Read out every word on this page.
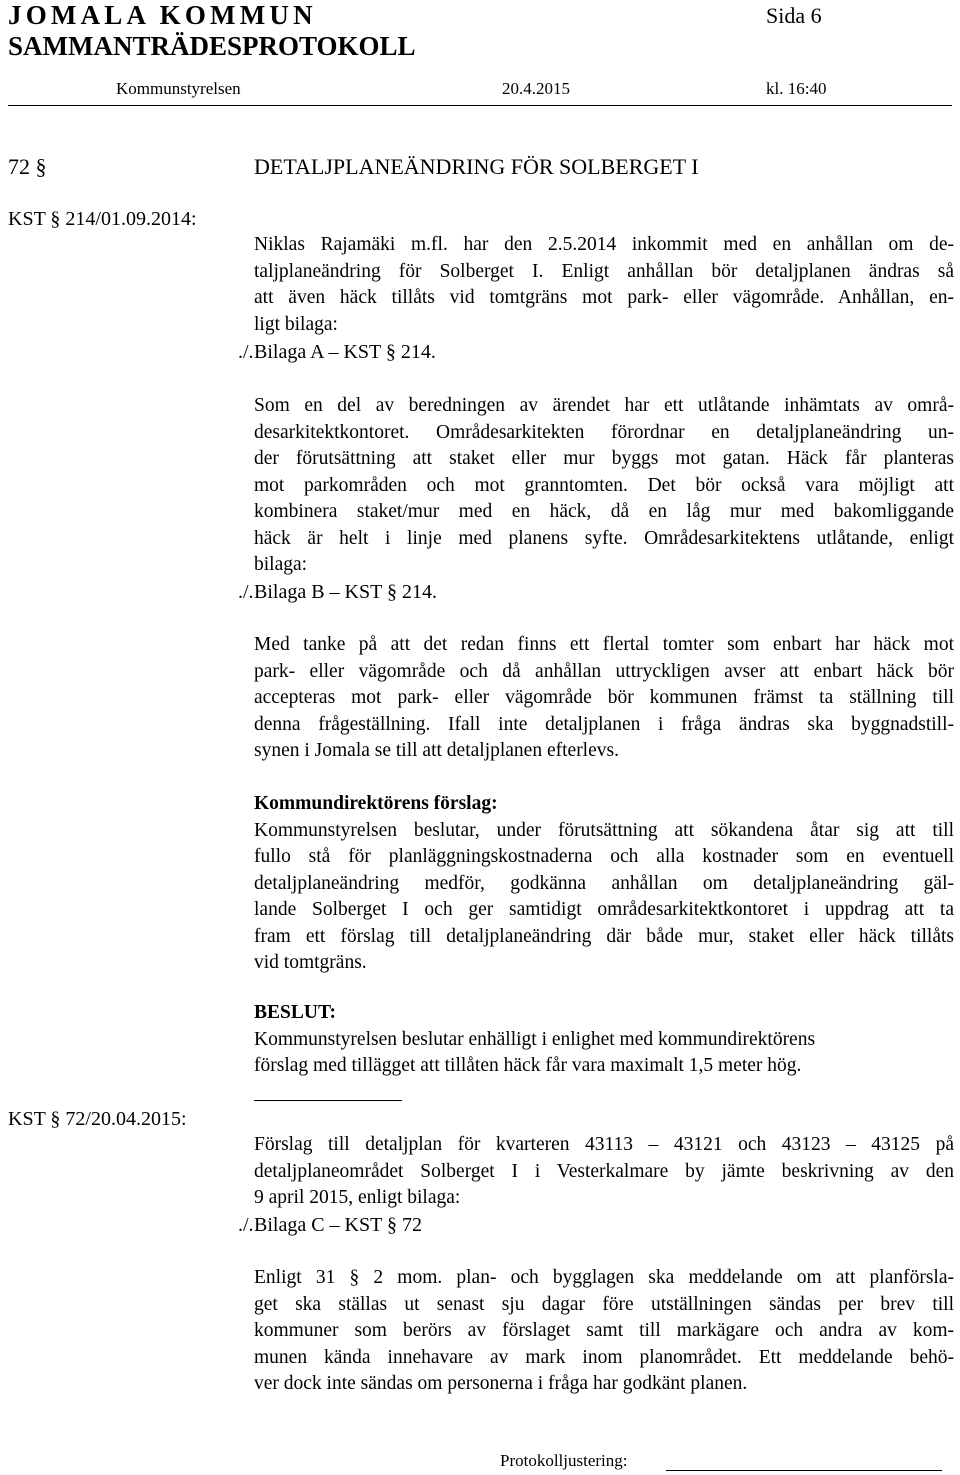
JOMALA KOMMUN	Sida 6
SAMMANTRÄDESPROTOKOLL
Kommunstyrelsen	20.4.2015	kl. 16:40
72 §	DETALJPLANEÄNDRING FÖR SOLBERGET I
KST § 214/01.09.2014:
Niklas Rajamäki m.fl. har den 2.5.2014 inkommit med en anhållan om de-
taljplaneändring för Solberget I. Enligt anhållan bör detaljplanen ändras så
att även häck tillåts vid tomtgräns mot park- eller vägområde. Anhållan, en-
ligt bilaga:
./. Bilaga A – KST § 214.
Som en del av beredningen av ärendet har ett utlåtande inhämtats av områ-
desarkitektkontoret. Områdesarkitekten förordnar en detaljplaneändring un-
der förutsättning att staket eller mur byggs mot gatan. Häck får planteras
mot parkområden och mot granntomten. Det bör också vara möjligt att
kombinera staket/mur med en häck, då en låg mur med bakomliggande
häck är helt i linje med planens syfte. Områdesarkitektens utlåtande, enligt
bilaga:
./. Bilaga B – KST § 214.
Med tanke på att det redan finns ett flertal tomter som enbart har häck mot
park- eller vägområde och då anhållan uttryckligen avser att enbart häck bör
accepteras mot park- eller vägområde bör kommunen främst ta ställning till
denna frågeställning. Ifall inte detaljplanen i fråga ändras ska byggnadstill-
synen i Jomala se till att detaljplanen efterlevs.
Kommundirektörens förslag:
Kommunstyrelsen beslutar, under förutsättning att sökandena åtar sig att till
fullo stå för planläggningskostnaderna och alla kostnader som en eventuell
detaljplaneändring medför, godkänna anhållan om detaljplaneändring gäl-
lande Solberget I och ger samtidigt områdesarkitektkontoret i uppdrag att ta
fram ett förslag till detaljplaneändring där både mur, staket eller häck tillåts
vid tomtgräns.
BESLUT:
Kommunstyrelsen beslutar enhälligt i enlighet med kommundirektörens
förslag med tillägget att tillåten häck får vara maximalt 1,5 meter hög.
KST § 72/20.04.2015:
Förslag till detaljplan för kvarteren 43113 – 43121 och 43123 – 43125 på
detaljplaneområdet Solberget I i Vesterkalmare by jämte beskrivning av den
9 april 2015, enligt bilaga:
./. Bilaga C – KST § 72
Enligt 31 § 2 mom. plan- och bygglagen ska meddelande om att planförsla-
get ska ställas ut senast sju dagar före utställningen sändas per brev till
kommuner som berörs av förslaget samt till markägare och andra av kom-
munen kända innehavare av mark inom planområdet. Ett meddelande behö-
ver dock inte sändas om personerna i fråga har godkänt planen.
Protokolljustering:
